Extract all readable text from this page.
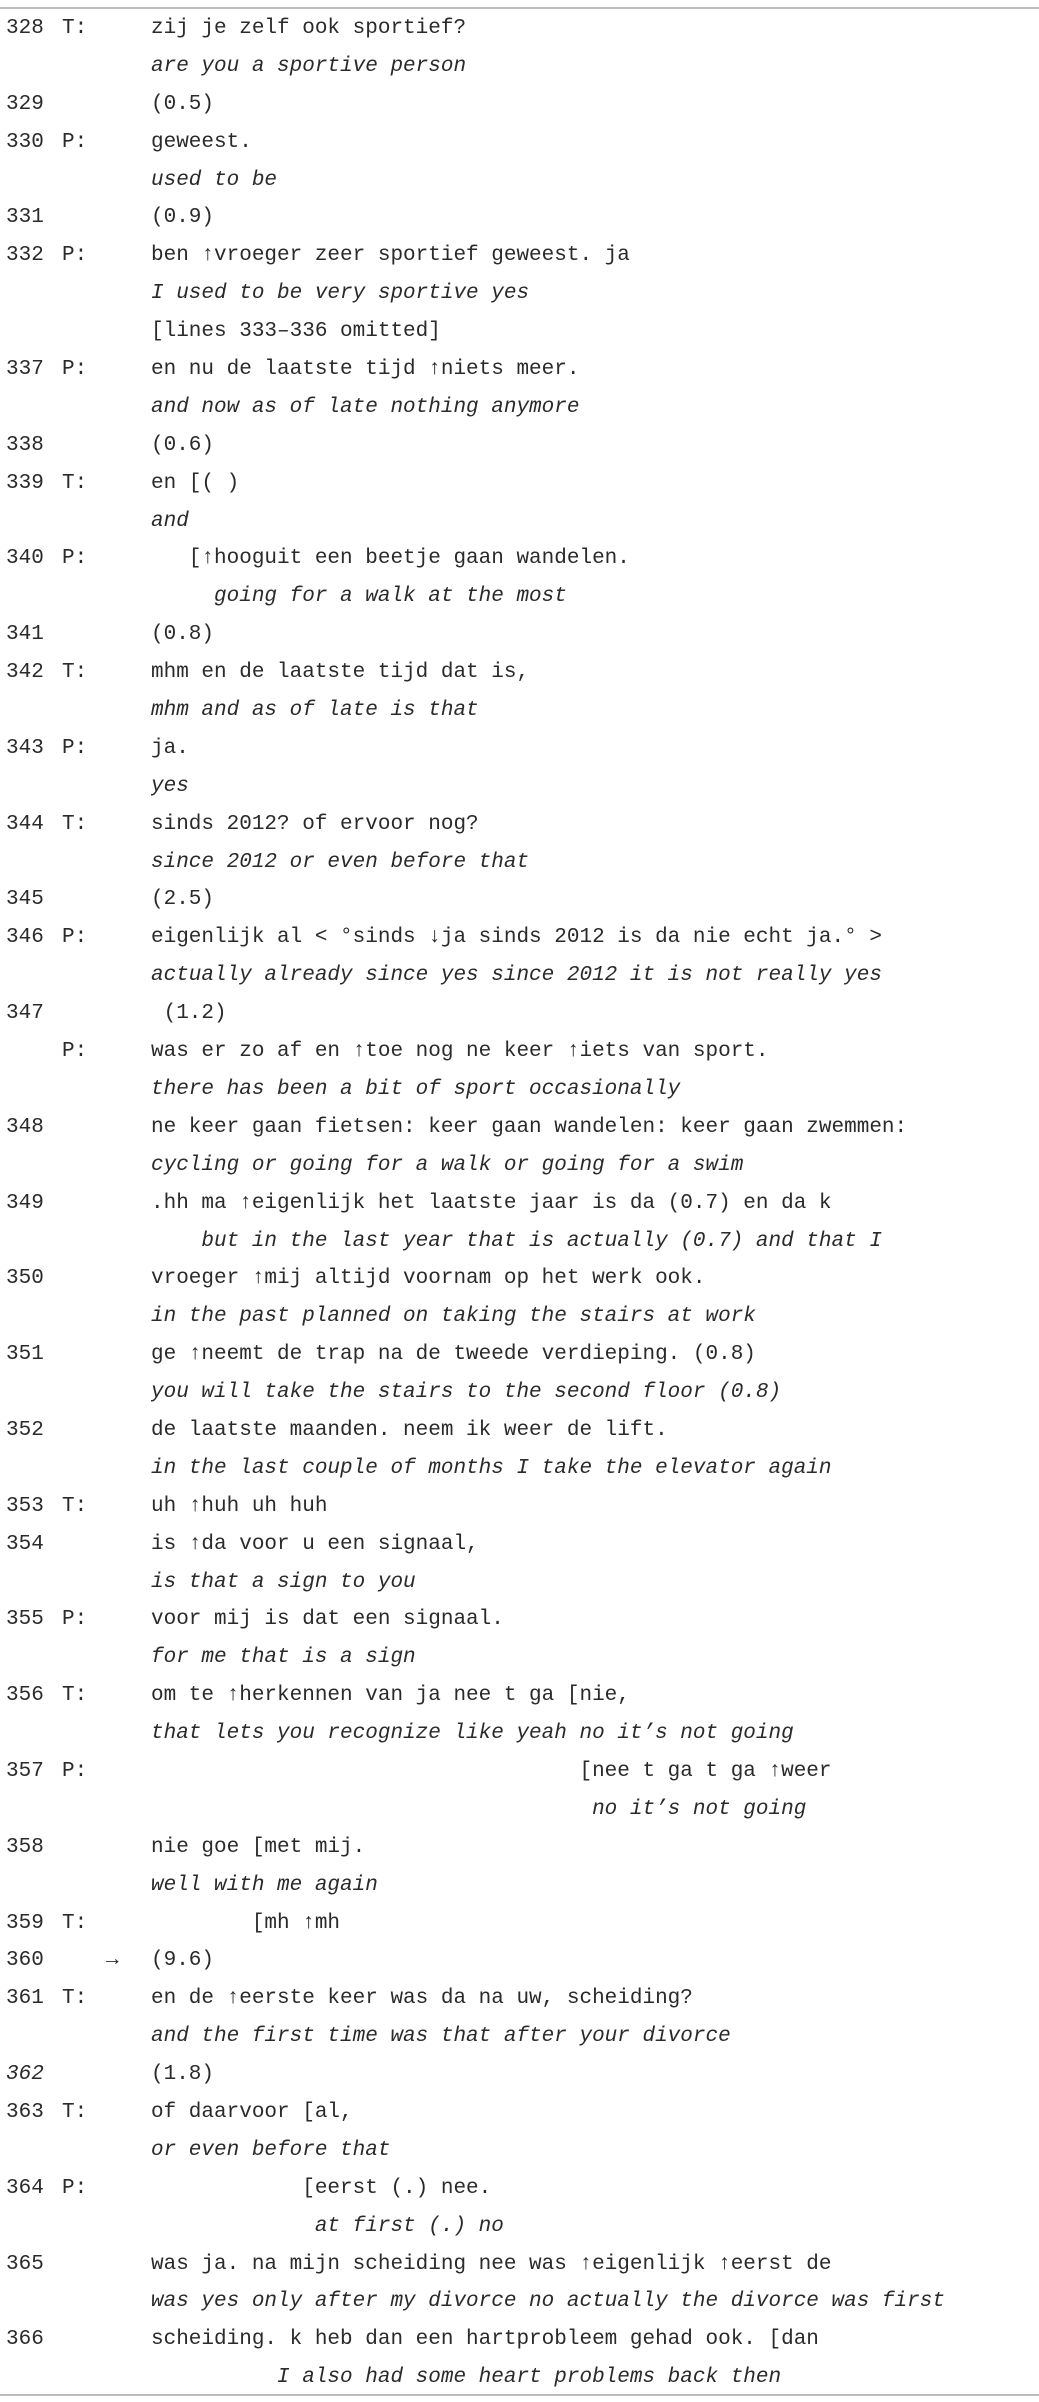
328 T:	zij je zelf ook sportief?
are you a sportive person
329	(0.5)
330 P:	geweest.
used to be
331	(0.9)
332 P:	ben ↑vroeger zeer sportief geweest. ja
I used to be very sportive yes
[lines 333–336 omitted]
337 P:	en nu de laatste tijd ↑niets meer.
and now as of late nothing anymore
338	(0.6)
339 T:	en [( )
and
340 P:	[↑hooguit een beetje gaan wandelen.
going for a walk at the most
341	(0.8)
342 T:	mhm en de laatste tijd dat is,
mhm and as of late is that
343 P:	ja.
yes
344 T:	sinds 2012? of ervoor nog?
since 2012 or even before that
345	(2.5)
346 P:	eigenlijk al < °sinds ↓ja sinds 2012 is da nie echt ja.° >
actually already since yes since 2012 it is not really yes
347	(1.2)
P:	was er zo af en ↑toe nog ne keer ↑iets van sport.
there has been a bit of sport occasionally
348	ne keer gaan fietsen: keer gaan wandelen: keer gaan zwemmen:
cycling or going for a walk or going for a swim
349	.hh ma ↑eigenlijk het laatste jaar is da (0.7) en da k
but in the last year that is actually (0.7) and that I
350	vroeger ↑mij altijd voornam op het werk ook.
in the past planned on taking the stairs at work
351	ge ↑neemt de trap na de tweede verdieping. (0.8)
you will take the stairs to the second floor (0.8)
352	de laatste maanden. neem ik weer de lift.
in the last couple of months I take the elevator again
353 T:	uh ↑huh uh huh
354	is ↑da voor u een signaal,
is that a sign to you
355 P:	voor mij is dat een signaal.
for me that is a sign
356 T:	om te ↑herkennen van ja nee t ga [nie,
that lets you recognize like yeah no it’s not going
357 P:	[nee t ga t ga ↑weer
no it’s not going
358	nie goe [met mij.
well with me again
359 T:	[mh ↑mh
360	→ (9.6)
361 T:	en de ↑eerste keer was da na uw, scheiding?
and the first time was that after your divorce
362	(1.8)
363 T:	of daarvoor [al,
or even before that
364 P:	[eerst (.) nee.
at first (.) no
365	was ja. na mijn scheiding nee was ↑eigenlijk ↑eerst de
was yes only after my divorce no actually the divorce was first
366	scheiding. k heb dan een hartprobleem gehad ook. [dan
I also had some heart problems back then
